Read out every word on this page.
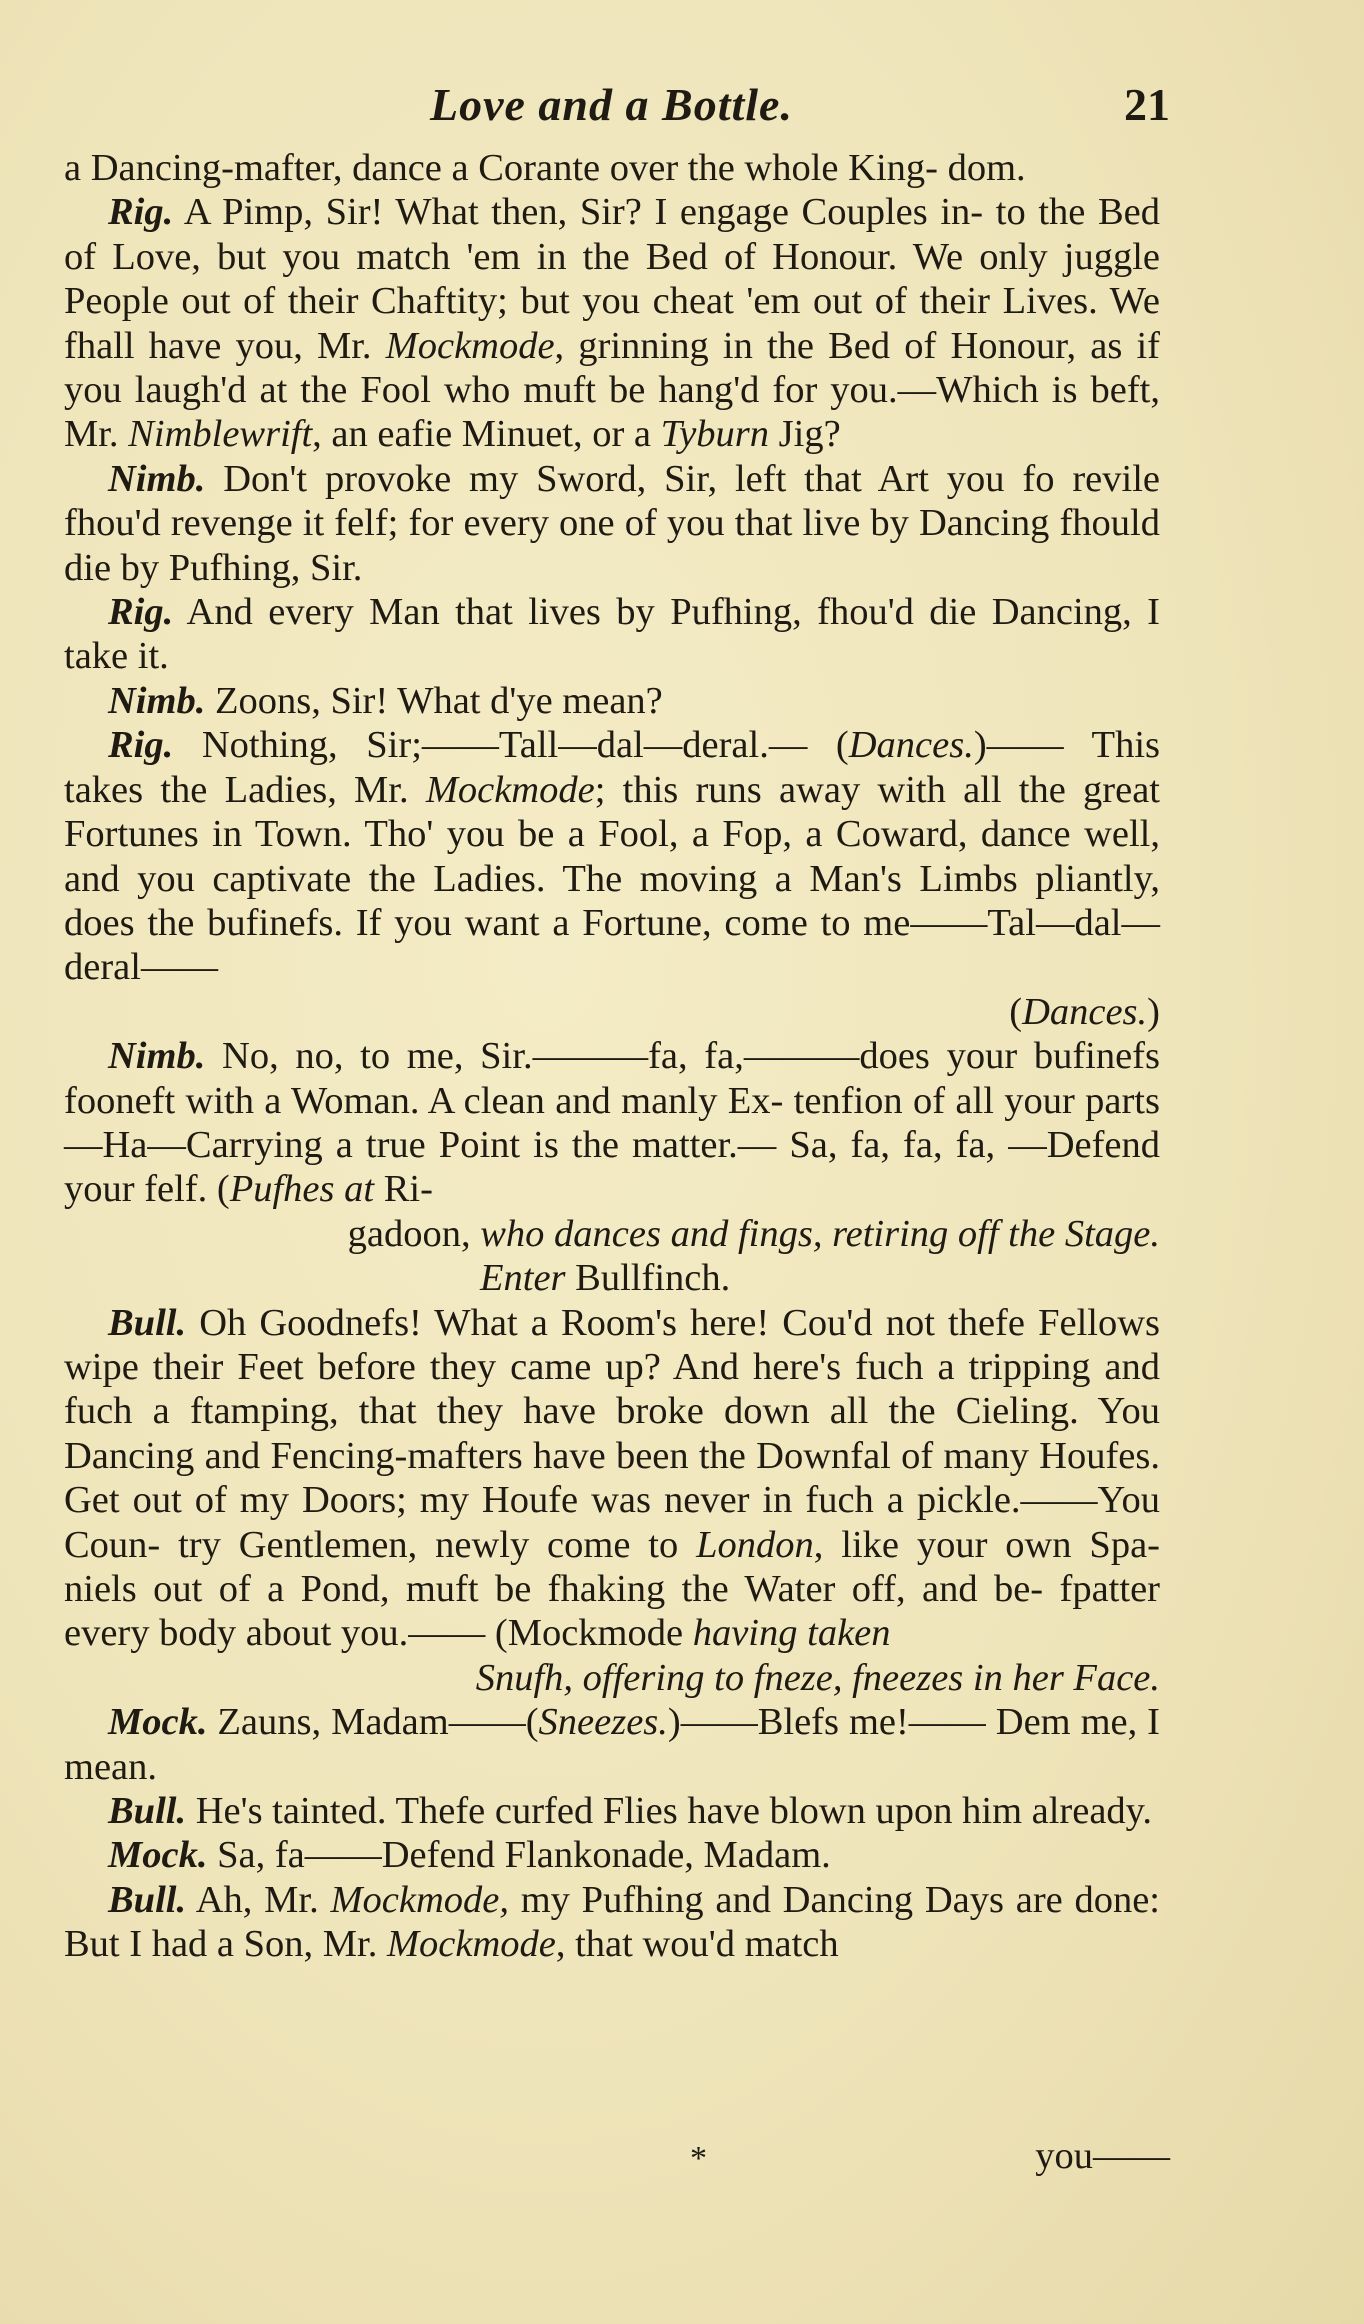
Love and a Bottle.	21

a Dancing-mafter, dance a Corante over the whole King- dom.

Rig. A Pimp, Sir! What then, Sir? I engage Couples in- to the Bed of Love, but you match 'em in the Bed of Honour. We only juggle People out of their Chaftity; but you cheat 'em out of their Lives. We fhall have you, Mr. Mockmode, grinning in the Bed of Honour, as if you laugh'd at the Fool who muft be hang'd for you.—Which is beft, Mr. Nimblewrift, an eafie Minuet, or a Tyburn Jig?

Nimb. Don't provoke my Sword, Sir, left that Art you fo revile fhou'd revenge it felf; for every one of you that live by Dancing fhould die by Pufhing, Sir.

Rig. And every Man that lives by Pufhing, fhou'd die Dancing, I take it.

Nimb. Zoons, Sir! What d'ye mean?

Rig. Nothing, Sir;——Tall—dal—deral.— (Dances.)—— This takes the Ladies, Mr. Mockmode; this runs away with all the great Fortunes in Town. Tho' you be a Fool, a Fop, a Coward, dance well, and you captivate the Ladies. The moving a Man's Limbs pliantly, does the bufinefs. If you want a Fortune, come to me——Tal—dal—deral——

(Dances.)

Nimb. No, no, to me, Sir.———fa, fa,———does your bufinefs fooneft with a Woman. A clean and manly Ex- tenfion of all your parts—Ha—Carrying a true Point is the matter.— Sa, fa, fa, fa, —Defend your felf. (Pufhes at Ri-

gadoon, who dances and fings, retiring off the Stage.

Enter Bullfinch.

Bull. Oh Goodnefs! What a Room's here! Cou'd not thefe Fellows wipe their Feet before they came up? And here's fuch a tripping and fuch a ftamping, that they have broke down all the Cieling. You Dancing and Fencing-mafters have been the Downfal of many Houfes. Get out of my Doors; my Houfe was never in fuch a pickle.——You Coun- try Gentlemen, newly come to London, like your own Spa- niels out of a Pond, muft be fhaking the Water off, and be- fpatter every body about you.—— (Mockmode having taken

Snufh, offering to fneze, fneezes in her Face.

Mock. Zauns, Madam——(Sneezes.)——Blefs me!—— Dem me, I mean.

Bull. He's tainted. Thefe curfed Flies have blown upon him already.

Mock. Sa, fa——Defend Flankonade, Madam.

Bull. Ah, Mr. Mockmode, my Pufhing and Dancing Days are done: But I had a Son, Mr. Mockmode, that wou'd match

*	you——
